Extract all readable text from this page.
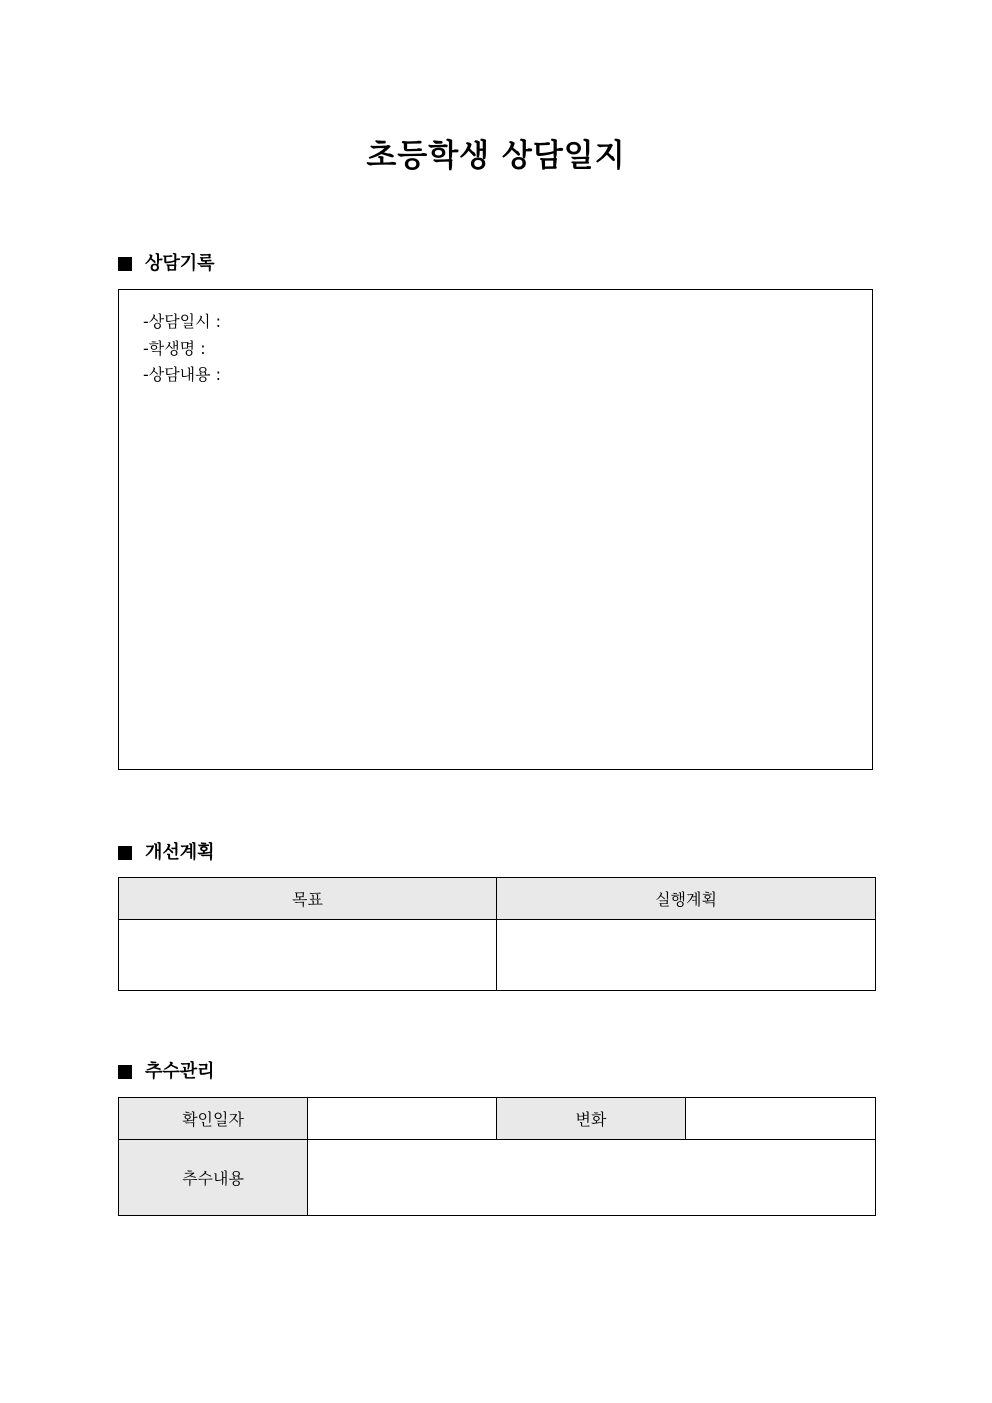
초등학생 상담일지
상담기록
-상담일시 :
-학생명 :
-상담내용 :
개선계획
목표	실행계획

추수관리
확인일자		변화	
추수내용			
